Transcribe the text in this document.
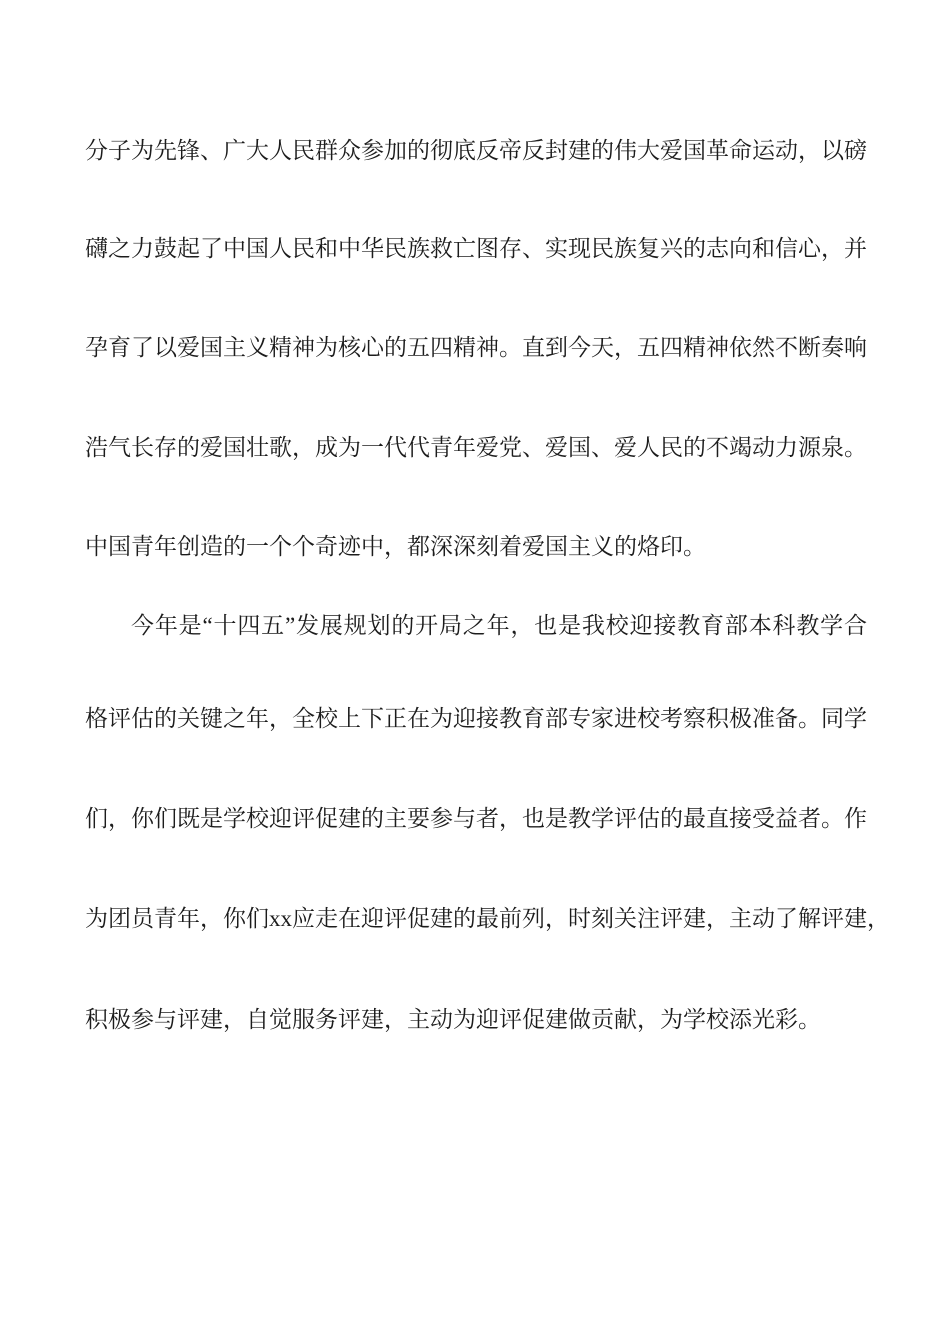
分子为先锋、广大人民群众参加的彻底反帝反封建的伟大爱国革命运动，以磅
礴之力鼓起了中国人民和中华民族救亡图存、实现民族复兴的志向和信心，并
孕育了以爱国主义精神为核心的五四精神。直到今天，五四精神依然不断奏响
浩气长存的爱国壮歌，成为一代代青年爱党、爱国、爱人民的不竭动力源泉。
中国青年创造的一个个奇迹中，都深深刻着爱国主义的烙印。
今年是“十四五”发展规划的开局之年，也是我校迎接教育部本科教学合
格评估的关键之年，全校上下正在为迎接教育部专家进校考察积极准备。同学
们，你们既是学校迎评促建的主要参与者，也是教学评估的最直接受益者。作
为团员青年，你们xx应走在迎评促建的最前列，时刻关注评建，主动了解评建，
积极参与评建，自觉服务评建，主动为迎评促建做贡献，为学校添光彩。
